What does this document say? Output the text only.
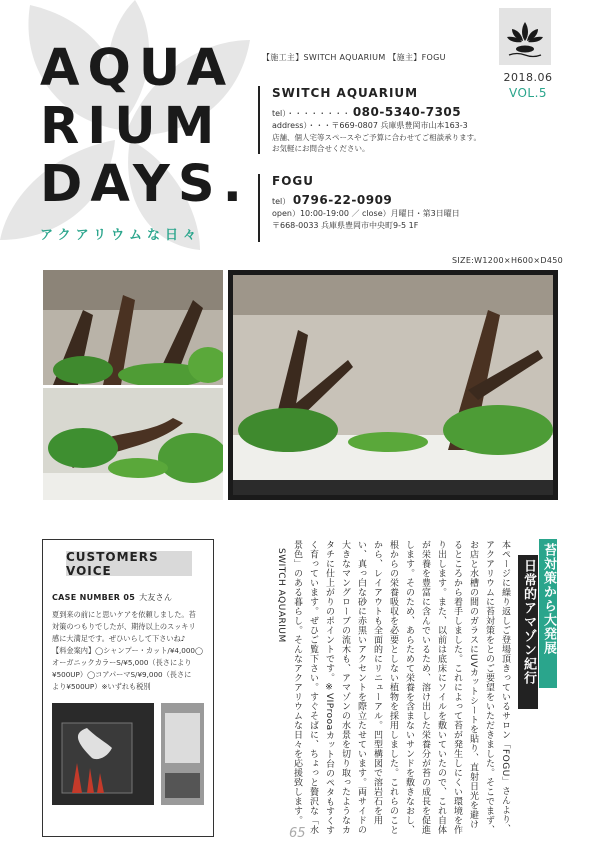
AQUA
RIUM
DAYS.
アクアリウムな日々
2018.06
VOL.5
【施工主】SWITCH AQUARIUM 【施主】FOGU
SWITCH AQUARIUM
tel）・・・・・・・・ 080-5340-7305
address）・・・〒669-0807 兵庫県豊岡市山本163-3
店舗、個人宅等スペースやご予算に合わせてご相談承ります。
お気軽にお問合せください。
FOGU
tel） 0796-22-0909
open）10:00-19:00 ／ close）月曜日・第3日曜日
〒668-0033 兵庫県豊岡市中央町9-5 1F
SIZE:W1200×H600×D450
CUSTOMERS VOICE
CASE NUMBER 05 大友さん
夏到来の前にと思いケアを依頼しました。苔
対策のつもりでしたが、期待以上のスッキリ
感に大満足です。ぜひいらして下さいね♪
【料金案内】◯シャンプー・カット/¥4,000◯
オーガニックカラーS/¥5,000（長さにより
¥500UP）◯コアパーマS/¥9,000（長さに
より¥500UP）※いずれも税別	本ページに繰り返しご登場頂きっているサロン「FOGU」さんより、アクアリウムに苔対策をとのご要望をいただきました。そこでまず、お店と水槽の間のガラスにUVカットシートを貼り、直射日光を避けるところから着手しました。これによって苔が発生しにくい環境を作り出します。また、以前は底床にソイルを敷いていたので、これ自体が栄養を豊富に含んでいるため、溶け出した栄養分が苔の成長を促進します。そのため、あらためて栄養を含まないサンドを敷きなおし、根からの栄養吸収を必要としない植物を採用しました。これらのことから、レイアウトも全面的にリニューアル。凹型構図で溶岩石を用い、真っ白な砂に赤黒いアクセントを際立たせています。両サイドの大きなマングローブの流木も、アマゾンの水景を切り取ったようなカタチに仕上がりのポイントです。※VIProoaカット台のペタもすくすく育っています。ぜひご覧下さい。すぐそばに、ちょっと贅沢な「水景色」のある暮らし。そんなアクアリウムな日々を応援致します。 SWITCH AQUARIUM	苔対策から大発展
日常的アマゾン紀行
65
